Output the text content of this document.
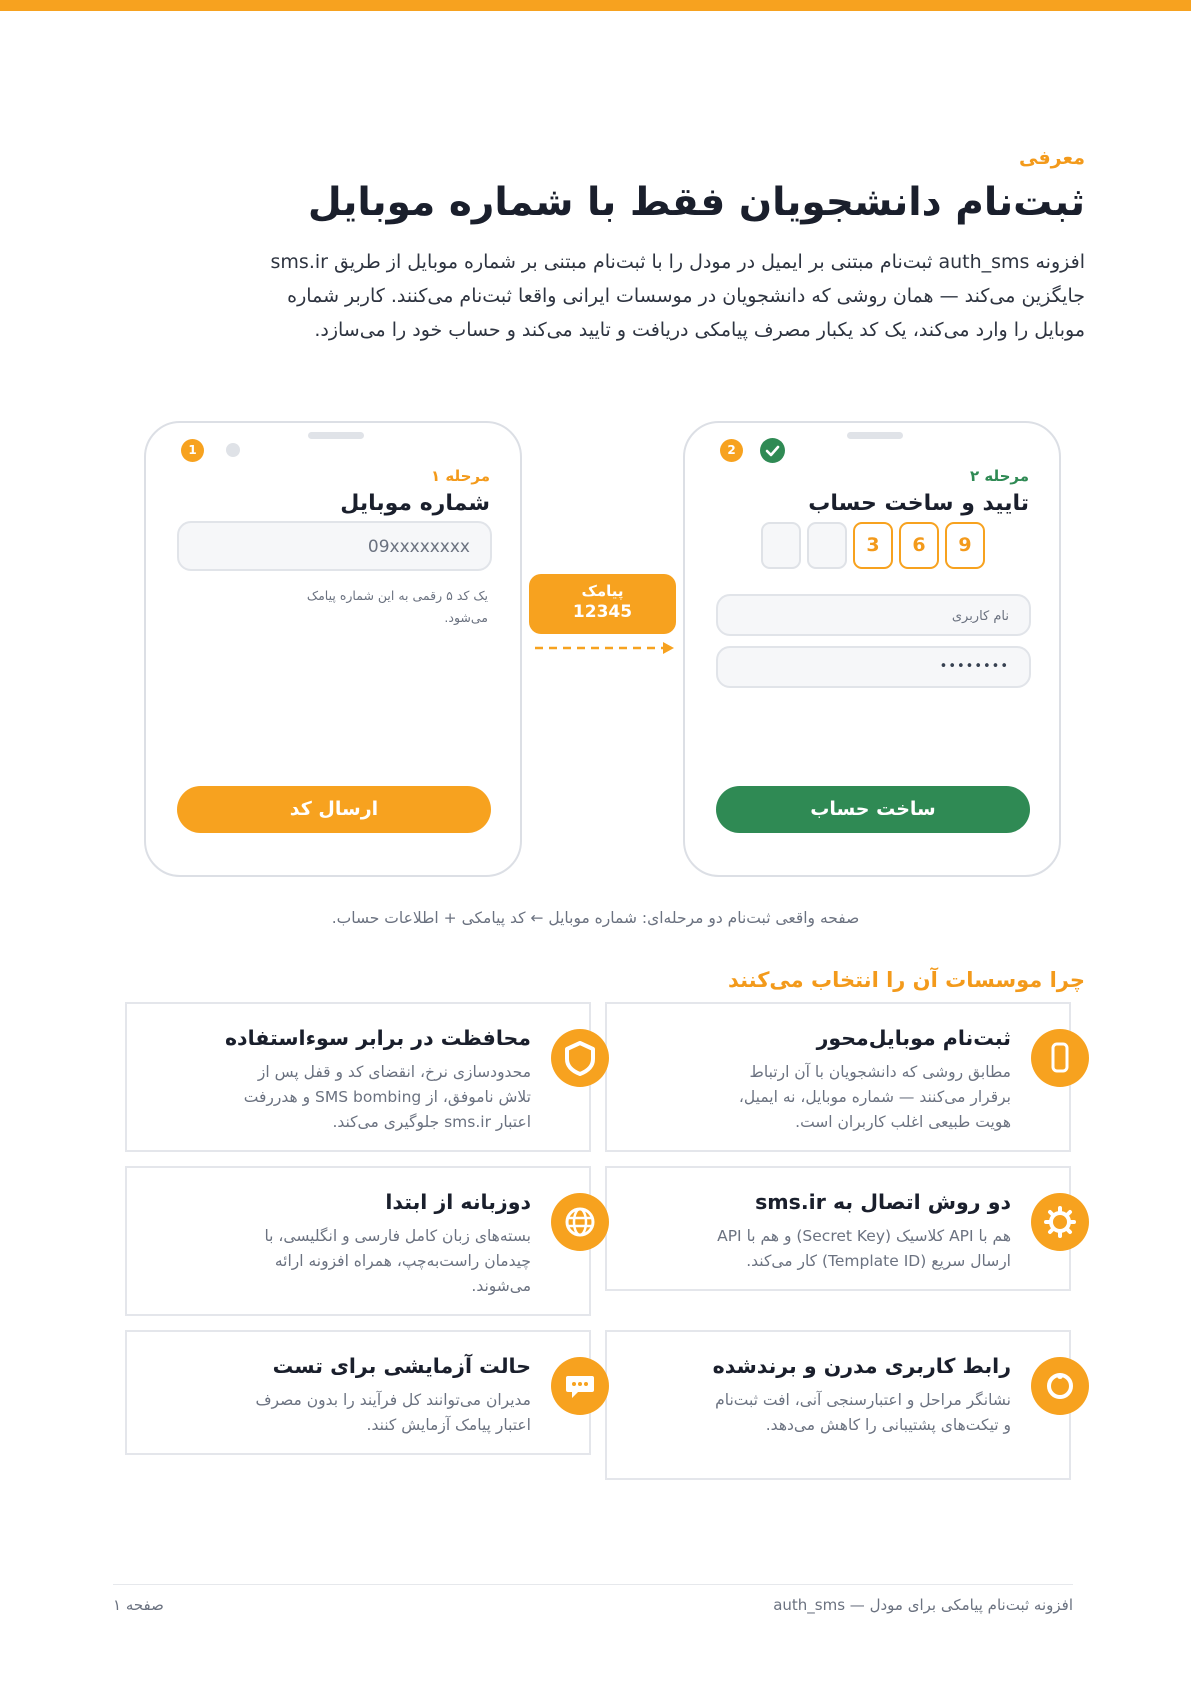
معرفی
ثبت‌نام دانشجویان فقط با شماره موبایل
افزونه auth_sms ثبت‌نام مبتنی بر ایمیل در مودل را با ثبت‌نام مبتنی بر شماره موبایل از طریق sms.ir جایگزین می‌کند — همان روشی که دانشجویان در موسسات ایرانی واقعا ثبت‌نام می‌کنند. کاربر شماره موبایل را وارد می‌کند، یک کد یکبار مصرف پیامکی دریافت و تایید می‌کند و حساب خود را می‌سازد.
1
مرحله ۱
شماره موبایل
09xxxxxxxx
یک کد ۵ رقمی به این شماره پیامک می‌شود.
ارسال کد
پیامک
12345
2
مرحله ۲
تایید و ساخت حساب
3	6	9
نام کاربری
••••••••
ساخت حساب
صفحه واقعی ثبت‌نام دو مرحله‌ای: شماره موبایل ← کد پیامکی + اطلاعات حساب.
چرا موسسات آن را انتخاب می‌کنند
ثبت‌نام موبایل‌محور
مطابق روشی که دانشجویان با آن ارتباط برقرار می‌کنند — شماره موبایل، نه ایمیل، هویت طبیعی اغلب کاربران است.
دو روش اتصال به sms.ir
هم با API کلاسیک (Secret Key) و هم با API ارسال سریع (Template ID) کار می‌کند.
رابط کاربری مدرن و برندشده
نشانگر مراحل و اعتبارسنجی آنی، افت ثبت‌نام و تیکت‌های پشتیبانی را کاهش می‌دهد.
محافظت در برابر سوءاستفاده
محدودسازی نرخ، انقضای کد و قفل پس از تلاش ناموفق، از SMS bombing و هدررفت اعتبار sms.ir جلوگیری می‌کند.
دوزبانه از ابتدا
بسته‌های زبان کامل فارسی و انگلیسی، با چیدمان راست‌به‌چپ، همراه افزونه ارائه می‌شوند.
حالت آزمایشی برای تست
مدیران می‌توانند کل فرآیند را بدون مصرف اعتبار پیامک آزمایش کنند.
صفحه ۱	افزونه ثبت‌نام پیامکی برای مودل — auth_sms
